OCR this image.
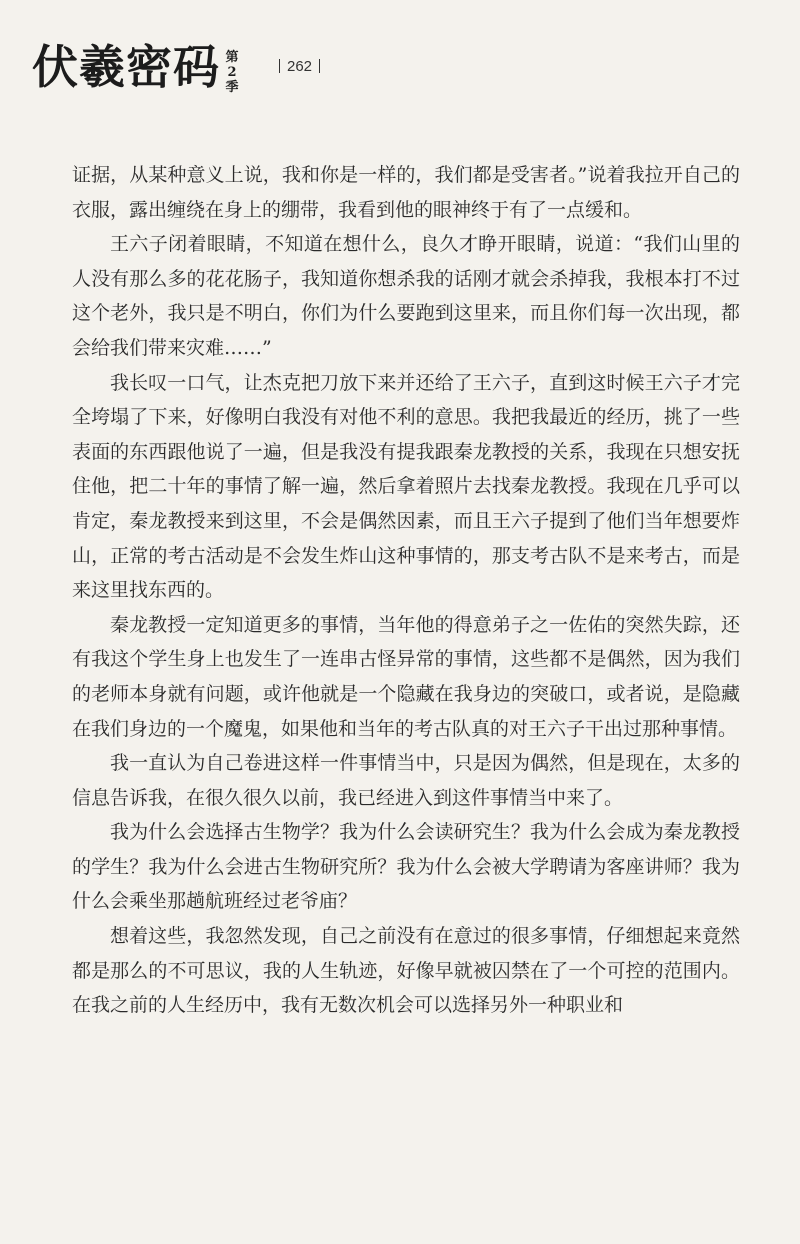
伏羲密码 第2季
262

证据，从某种意义上说，我和你是一样的，我们都是受害者。”说着我拉开自己的衣服，露出缠绕在身上的绷带，我看到他的眼神终于有了一点缓和。

王六子闭着眼睛，不知道在想什么，良久才睁开眼睛，说道：“我们山里的人没有那么多的花花肠子，我知道你想杀我的话刚才就会杀掉我，我根本打不过这个老外，我只是不明白，你们为什么要跑到这里来，而且你们每一次出现，都会给我们带来灾难……”

我长叹一口气，让杰克把刀放下来并还给了王六子，直到这时候王六子才完全垮塌了下来，好像明白我没有对他不利的意思。我把我最近的经历，挑了一些表面的东西跟他说了一遍，但是我没有提我跟秦龙教授的关系，我现在只想安抚住他，把二十年的事情了解一遍，然后拿着照片去找秦龙教授。我现在几乎可以肯定，秦龙教授来到这里，不会是偶然因素，而且王六子提到了他们当年想要炸山，正常的考古活动是不会发生炸山这种事情的，那支考古队不是来考古，而是来这里找东西的。

秦龙教授一定知道更多的事情，当年他的得意弟子之一佐佑的突然失踪，还有我这个学生身上也发生了一连串古怪异常的事情，这些都不是偶然，因为我们的老师本身就有问题，或许他就是一个隐藏在我身边的突破口，或者说，是隐藏在我们身边的一个魔鬼，如果他和当年的考古队真的对王六子干出过那种事情。

我一直认为自己卷进这样一件事情当中，只是因为偶然，但是现在，太多的信息告诉我，在很久很久以前，我已经进入到这件事情当中来了。

我为什么会选择古生物学？我为什么会读研究生？我为什么会成为秦龙教授的学生？我为什么会进古生物研究所？我为什么会被大学聘请为客座讲师？我为什么会乘坐那趟航班经过老爷庙？

想着这些，我忽然发现，自己之前没有在意过的很多事情，仔细想起来竟然都是那么的不可思议，我的人生轨迹，好像早就被囚禁在了一个可控的范围内。在我之前的人生经历中，我有无数次机会可以选择另外一种职业和
